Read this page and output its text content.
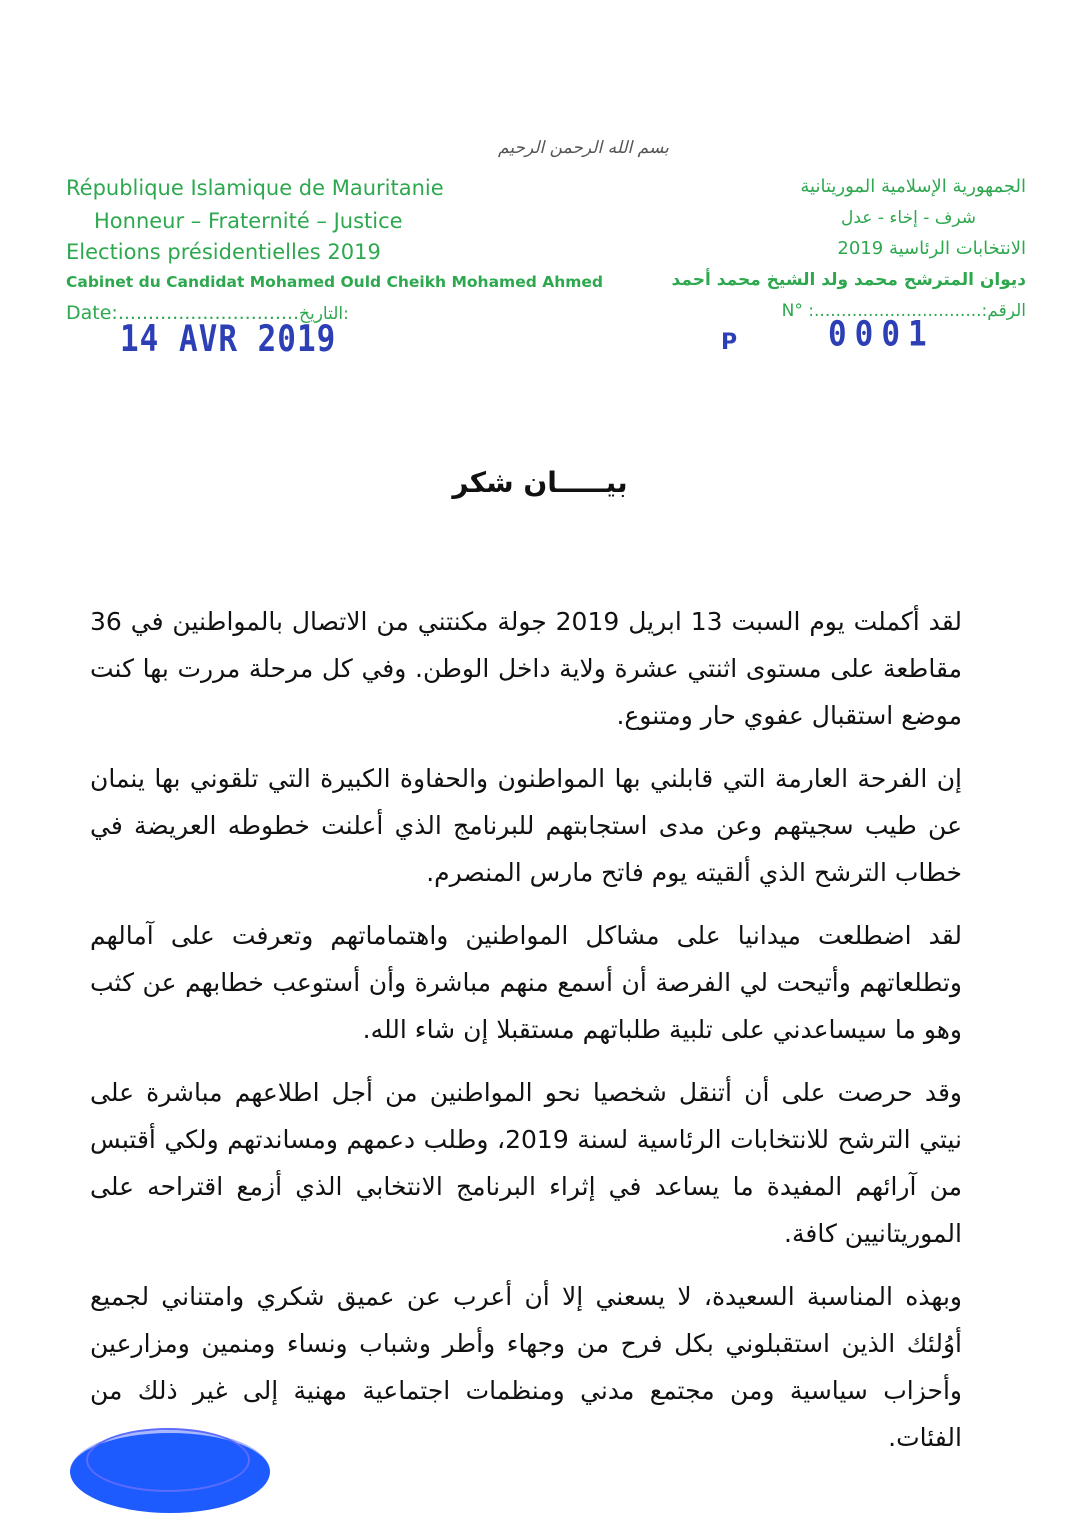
بسم الله الرحمن الرحيم
République Islamique de Mauritanie
Honneur – Fraternité – Justice
Elections présidentielles 2019
Cabinet du Candidat Mohamed Ould Cheikh Mohamed Ahmed
Date:..............................التاريخ:
الجمهورية الإسلامية الموريتانية
شرف - إخاء - عدل
الانتخابات الرئاسية 2019
ديوان المترشح محمد ولد الشيخ محمد أحمد
الرقم:...............................N° :
14 AVR 2019	P	0001
بيـــــان شكر

لقد أكملت يوم السبت 13 ابريل 2019 جولة مكنتني من الاتصال بالمواطنين في 36 مقاطعة على مستوى اثنتي عشرة ولاية داخل الوطن. وفي كل مرحلة مررت بها كنت موضع استقبال عفوي حار ومتنوع.

إن الفرحة العارمة التي قابلني بها المواطنون والحفاوة الكبيرة التي تلقوني بها ينمان عن طيب سجيتهم وعن مدى استجابتهم للبرنامج الذي أعلنت خطوطه العريضة في خطاب الترشح الذي ألقيته يوم فاتح مارس المنصرم.

لقد اضطلعت ميدانيا على مشاكل المواطنين واهتماماتهم وتعرفت على آمالهم وتطلعاتهم وأتيحت لي الفرصة أن أسمع منهم مباشرة وأن أستوعب خطابهم عن كثب وهو ما سيساعدني على تلبية طلباتهم مستقبلا إن شاء الله.

وقد حرصت على أن أتنقل شخصيا نحو المواطنين من أجل اطلاعهم مباشرة على نيتي الترشح للانتخابات الرئاسية لسنة 2019، وطلب دعمهم ومساندتهم ولكي أقتبس من آرائهم المفيدة ما يساعد في إثراء البرنامج الانتخابي الذي أزمع اقتراحه على الموريتانيين كافة.

وبهذه المناسبة السعيدة، لا يسعني إلا أن أعرب عن عميق شكري وامتناني لجميع أوُلئك الذين استقبلوني بكل فرح من وجهاء وأطر وشباب ونساء ومنمين ومزارعين وأحزاب سياسية ومن مجتمع مدني ومنظمات اجتماعية مهنية إلى غير ذلك من الفئات.
